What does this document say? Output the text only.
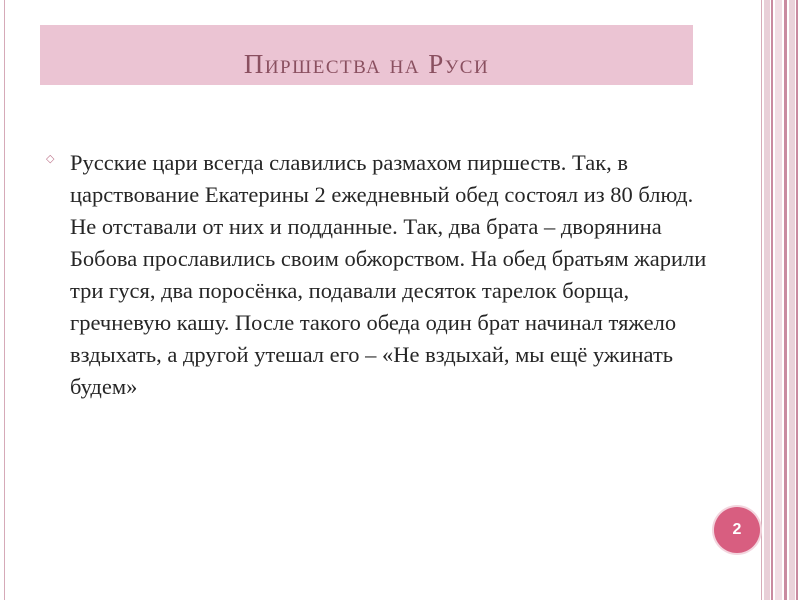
Пиршества на Руси
◇ Русские цари всегда славились размахом пиршеств. Так, в царствование Екатерины 2 ежедневный обед состоял из 80 блюд. Не отставали от них и подданные. Так, два брата – дворянина Бобова прославились своим обжорством. На обед братьям жарили три гуся, два поросёнка, подавали десяток тарелок борща, гречневую кашу. После такого обеда один брат начинал тяжело вздыхать, а другой утешал его – «Не вздыхай, мы ещё ужинать будем»

2
